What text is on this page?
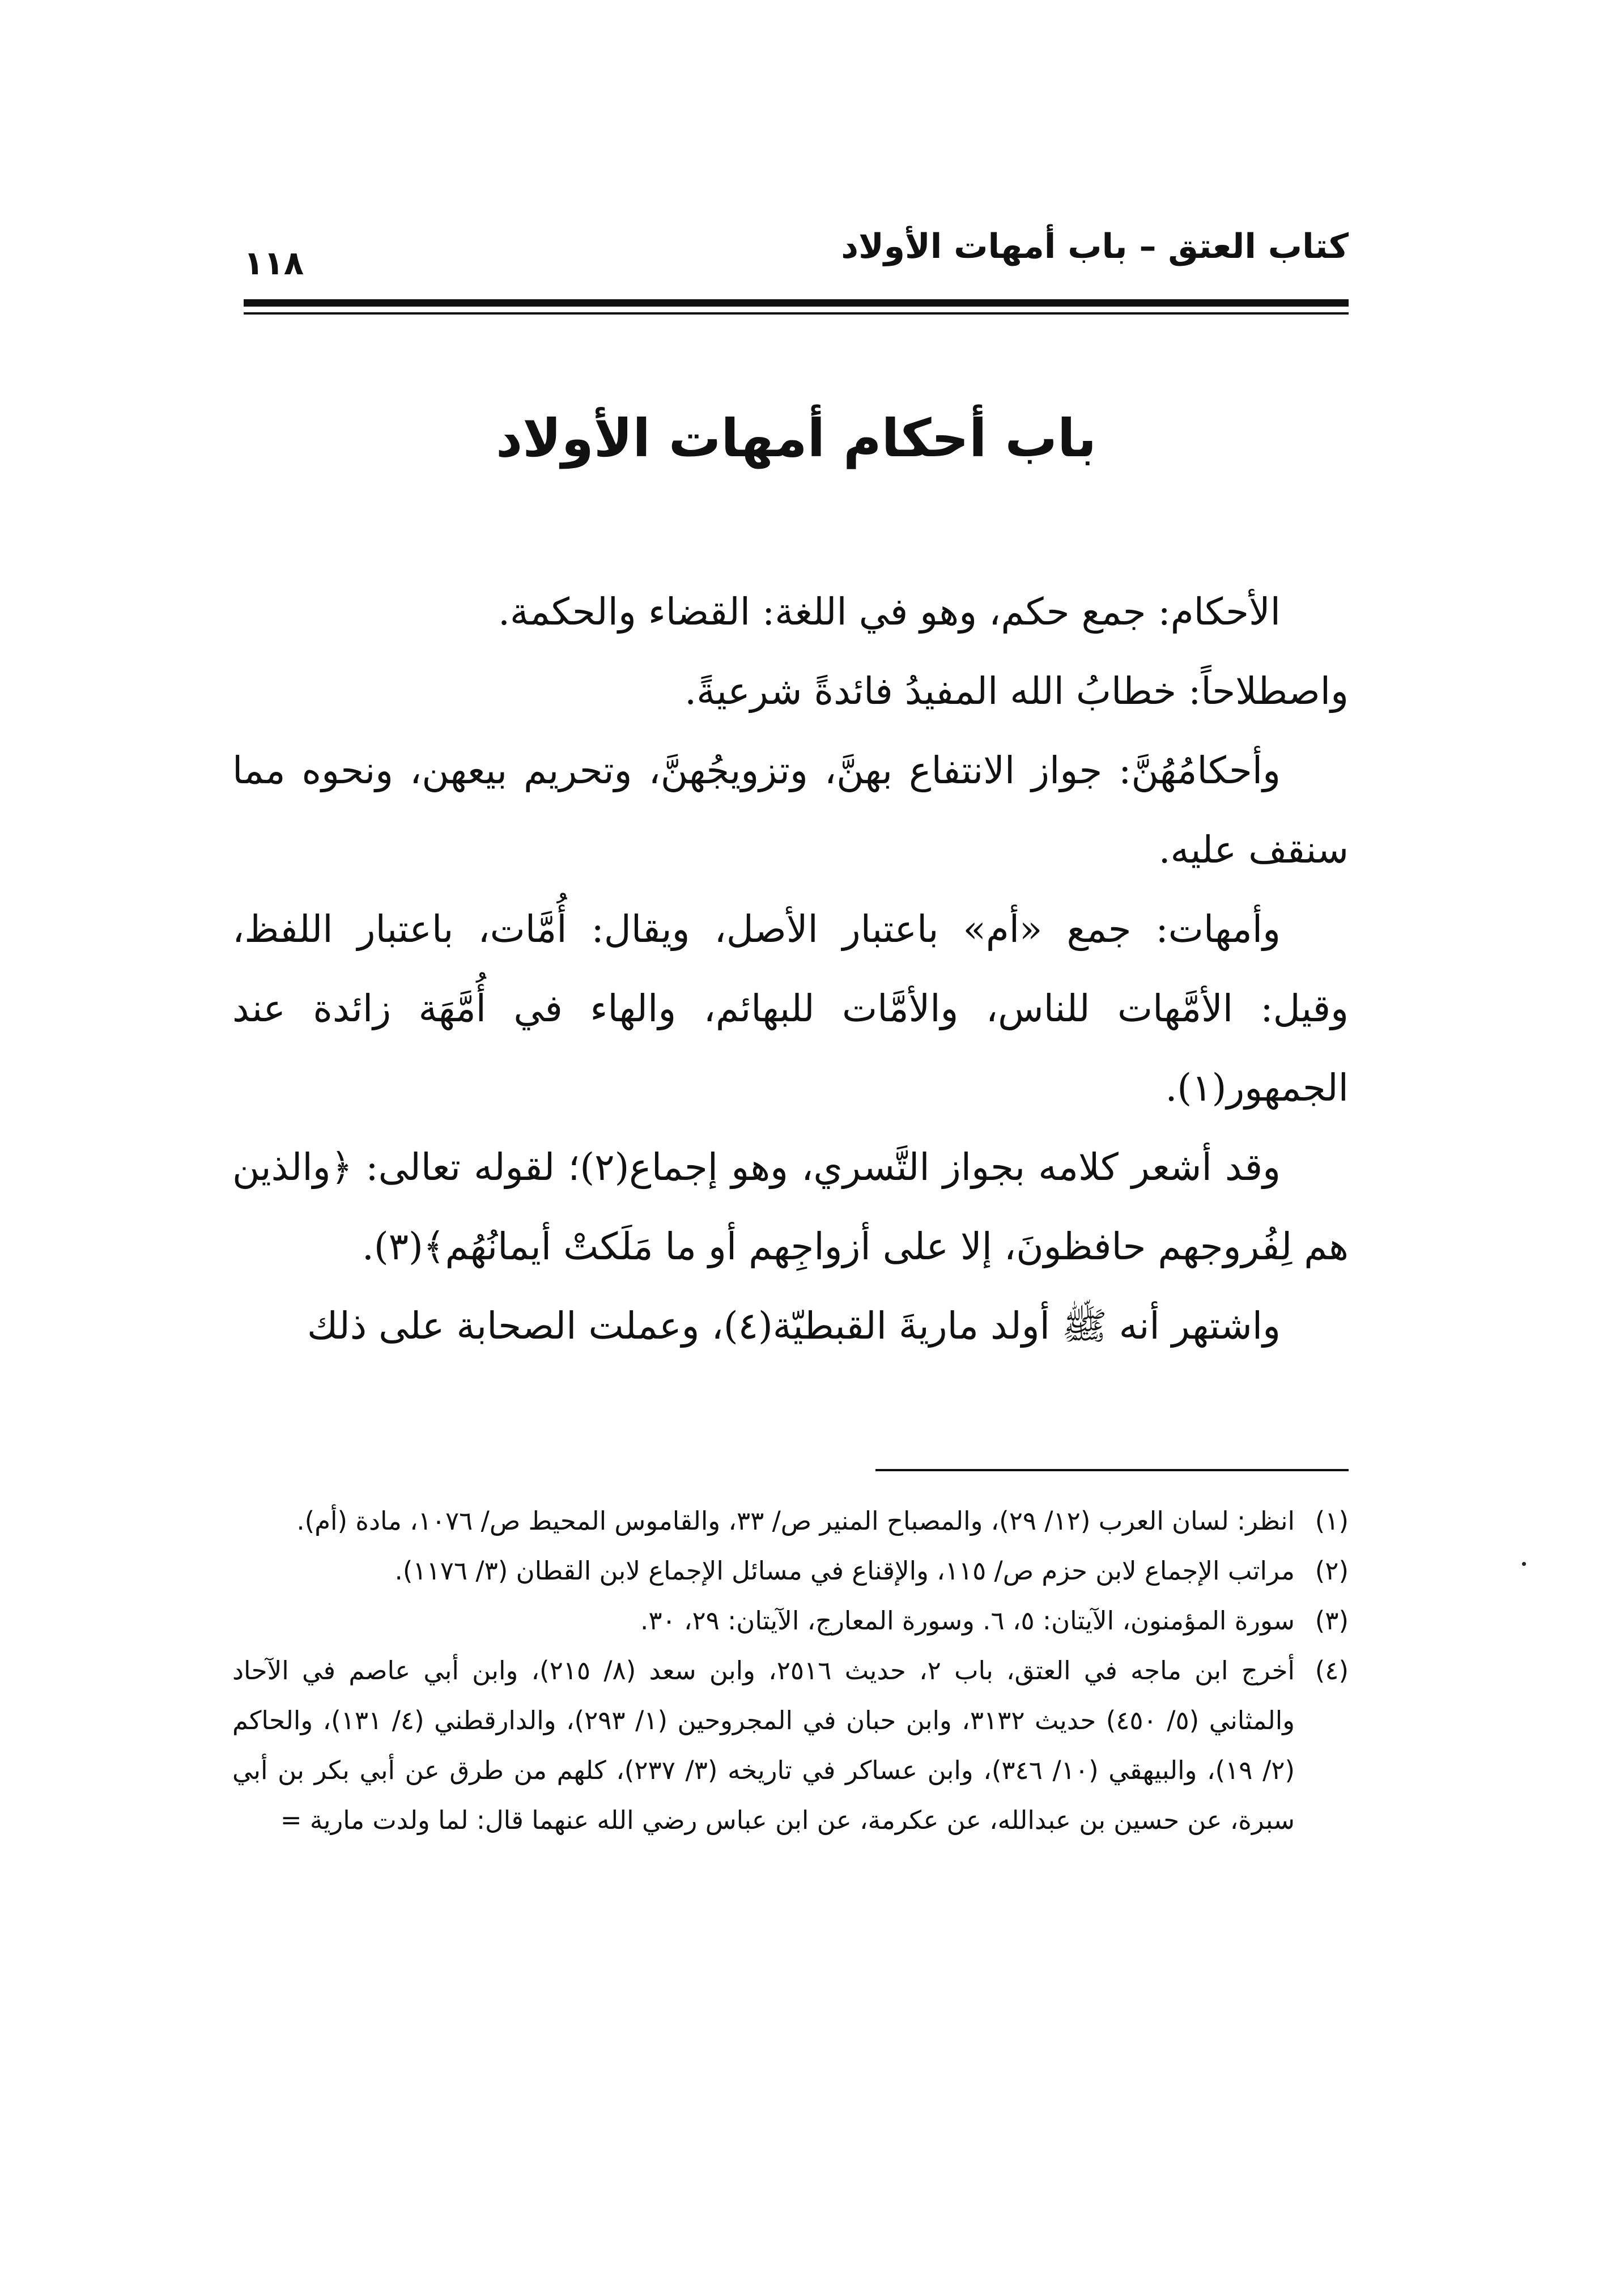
كتاب العتق – باب أمهات الأولاد
١١٨
باب أحكام أمهات الأولاد

الأحكام: جمع حكم، وهو في اللغة: القضاء والحكمة.

واصطلاحاً: خطابُ الله المفيدُ فائدةً شرعيةً.

وأحكامُهُنَّ: جواز الانتفاع بهنَّ، وتزويجُهنَّ، وتحريم بيعهن، ونحوه مما سنقف عليه.

وأمهات: جمع «أم» باعتبار الأصل، ويقال: أُمَّات، باعتبار اللفظ، وقيل: الأمَّهات للناس، والأمَّات للبهائم، والهاء في أُمَّهَة زائدة عند الجمهور(١).

وقد أشعر كلامه بجواز التَّسري، وهو إجماع(٢)؛ لقوله تعالى: ﴿والذين هم لِفُروجهم حافظونَ، إلا على أزواجِهم أو ما مَلَكتْ أيمانُهُم﴾(٣).

واشتهر أنه ﷺ أولد ماريةَ القبطيّة(٤)، وعملت الصحابة على ذلك

(١)
انظر: لسان العرب (١٢/ ٢٩)، والمصباح المنير ص/ ٣٣، والقاموس المحيط ص/ ١٠٧٦، مادة (أم).
(٢)
مراتب الإجماع لابن حزم ص/ ١١٥، والإقناع في مسائل الإجماع لابن القطان (٣/ ١١٧٦).
(٣)
سورة المؤمنون، الآيتان: ٥، ٦. وسورة المعارج، الآيتان: ٢٩، ٣٠.
(٤)
أخرج ابن ماجه في العتق، باب ٢، حديث ٢٥١٦، وابن سعد (٨/ ٢١٥)، وابن أبي عاصم في الآحاد والمثاني (٥/ ٤٥٠) حديث ٣١٣٢، وابن حبان في المجروحين (١/ ٢٩٣)، والدارقطني (٤/ ١٣١)، والحاكم (٢/ ١٩)، والبيهقي (١٠/ ٣٤٦)، وابن عساكر في تاريخه (٣/ ٢٣٧)، كلهم من طرق عن أبي بكر بن أبي سبرة، عن حسين بن عبدالله، عن عكرمة، عن ابن عباس رضي الله عنهما قال: لما ولدت مارية =
